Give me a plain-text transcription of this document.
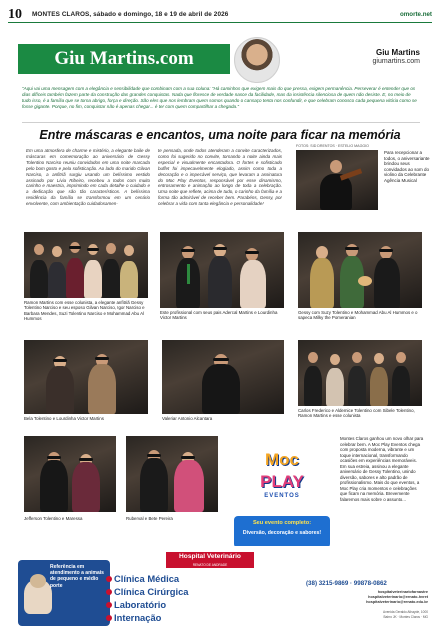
10 MONTES CLAROS, sábado e domingo, 18 e 19 de abril de 2026	omorte.net
Giu Martins.com	Giu Martins
giumartins.com
"Aqui vai uma mensagem com a elegância e sensibilidade que combinam com a sua coluna: "Há caminhos que exigem mais do que pressa, exigem permanência. Perseverar é entender que os dias difíceis também fazem parte da construção das grandes conquistas. Nada que floresce de verdade nasce da facilidade, mas da insistência silenciosa de quem não desiste. E, no meio de tudo isso, é a família que se torna abrigo, força e direção. São eles que nos lembram quem somos quando o cansaço tenta nos confundir, e que celebram conosco cada pequena vitória como se fosse gigante. Porque, no fim, conquistar não é apenas chegar... é ter com quem compartilhar a chegada."
Entre máscaras e encantos, uma noite para ficar na memória
Em uma atmosfera de charme e mistério, a elegante baile de máscaras em comemoração ao aniversário de Gessy Tolentino Narciso reuniu convidados em uma noite marcada pelo bom gosto e pela sofisticação. Ao lado do marido Gilvan Narciso, a anfitriã surgiu usando um belíssimo vestido assinado por Livia Ribeiro, recebeu a todos com muito carinho e maestria, imprimindo em cada detalhe o cuidado e a dedicação que são tão característicos. A belíssima residência da família se transformou em um cenário envolvente, com ambientação cuidadosamen-
te pensada, onde todos atenderam a convite caracterizados, como foi sugerido no convite, tornando a noite ainda mais especial e visualmente encantadora. O fortes e sofisticado buffet foi impecavelmente elogiado, assim como toda a decoração e o impecável serviço, que levaram a assinatura do Moc Play Eventos, responsável por esse dinamismo, entrosamento e animação ao longo de toda a celebração. Uma noite que reflete, acima de tudo, o carinho da família e a forma tão admirável de receber bem. Parabéns, Gessy, por celebrar a vida com tanta elegância e personalidade!
FOTOS: SID DRENTOS · ESTELIO MAGGIO
Para recepcionar a todos, o aniversariante brindou seus convidados ao som do violino da Celebrante Agência Musical
Ramon Martins com esse colunista, a elegante anfitriã Gessy Tolentino Narciso e seu esposo Gilvan Narciso, Igor Narciso e Barbara Mendes, Suzi Tolentino Narciso e Mohammad Abu Al Hummos
Este profissional com seus pais Adercal Martins e Lourdinha Victor Martins
Gessy com Suzy Tolentino e Mohammad Abu Al Hummos e o sapeca Milky the Pomeranian
Bela Tolentino e Lourdinha Victor Martins	Valeriar Antonio Alcantara
Carlos Frederico e Aldemice Tolentino com Sibele Tolentino, Ramon Martins e esse colunista
Jefferson Tolentino e Maressa	Ruberval e Bete Pereira
Moc
PLAY
EVENTOS
Seu evento completo:
Diversão, decoração e sabores!
Montes Claros ganhou um novo olhar para celebrar bem. A Moc Play Eventos chega com proposta moderna, vibrante e um toque internacional, transformando ocasiões em experiências memoráveis. Em sua estreia, assinou a elegante aniversário de Gessy Tolentino, unindo diversão, sabores e alto padrão de profissionalismo. Mais do que eventos, a Moc Play cria momentos e celebrações que ficam na memória. Brevemente falaremos mais sobre o assunto...
Referência em atendimento a animais de pequeno e médio porte
Hospital Veterinário
RENATO DE ANDRADE
Clínica Médica
Clínica Cirúrgica
Laboratório
Internação
(38) 3215-9869 · 99878-0862
hospitalveterinariofarnastre
hospitalveterinario@renato-hvret
hospitalveterinario@renato.edu.br
Avenida Geraldo Athayde, 1000
Bairro JK · Montes Claros · MG
